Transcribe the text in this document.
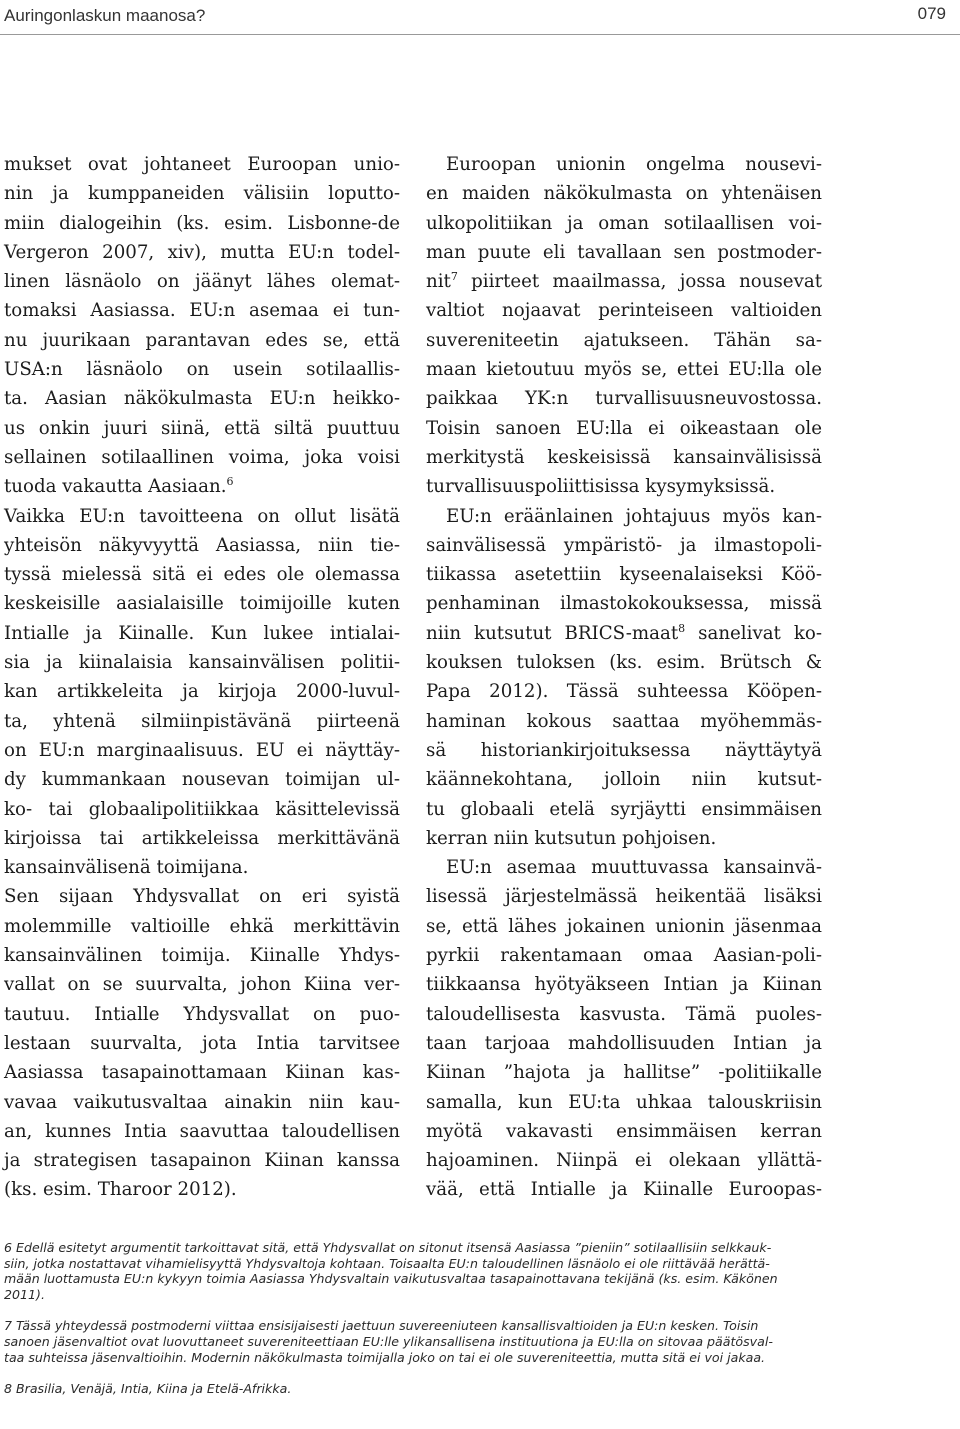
Auringonlaskun maanosa?	079
mukset ovat johtaneet Euroopan unio-
nin ja kumppaneiden välisiin loputto-
miin dialogeihin (ks. esim. Lisbonne-de
Vergeron 2007, xiv), mutta EU:n todel-
linen läsnäolo on jäänyt lähes olemat-
tomaksi Aasiassa. EU:n asemaa ei tun-
nu juurikaan parantavan edes se, että
USA:n läsnäolo on usein sotilaallis-
ta. Aasian näkökulmasta EU:n heikko-
us onkin juuri siinä, että siltä puuttuu
sellainen sotilaallinen voima, joka voisi
tuoda vakautta Aasiaan.$^6$
Vaikka EU:n tavoitteena on ollut lisätä
yhteisön näkyvyyttä Aasiassa, niin tie-
tyssä mielessä sitä ei edes ole olemassa
keskeisille aasialaisille toimijoille kuten
Intialle ja Kiinalle. Kun lukee intialai-
sia ja kiinalaisia kansainvälisen politii-
kan artikkeleita ja kirjoja 2000-luvul-
ta, yhtenä silmiinpistävänä piirteenä
on EU:n marginaalisuus. EU ei näyttäy-
dy kummankaan nousevan toimijan ul-
ko- tai globaalipolitiikkaa käsittelevissä
kirjoissa tai artikkeleissa merkittävänä
kansainvälisenä toimijana.
Sen sijaan Yhdysvallat on eri syistä
molemmille valtioille ehkä merkittävin
kansainvälinen toimija. Kiinalle Yhdys-
vallat on se suurvalta, johon Kiina ver-
tautuu. Intialle Yhdysvallat on puo-
lestaan suurvalta, jota Intia tarvitsee
Aasiassa tasapainottamaan Kiinan kas-
vavaa vaikutusvaltaa ainakin niin kau-
an, kunnes Intia saavuttaa taloudellisen
ja strategisen tasapainon Kiinan kanssa
(ks. esim. Tharoor 2012).
Euroopan unionin ongelma nousevi-
en maiden näkökulmasta on yhtenäisen
ulkopolitiikan ja oman sotilaallisen voi-
man puute eli tavallaan sen postmoder-
nit$^7$ piirteet maailmassa, jossa nousevat
valtiot nojaavat perinteiseen valtioiden
suvereniteetin ajatukseen. Tähän sa-
maan kietoutuu myös se, ettei EU:lla ole
paikkaa YK:n turvallisuusneuvostossa.
Toisin sanoen EU:lla ei oikeastaan ole
merkitystä keskeisissä kansainvälisissä
turvallisuuspoliittisissa kysymyksissä.
EU:n eräänlainen johtajuus myös kan-
sainvälisessä ympäristö- ja ilmastopoli-
tiikassa asetettiin kyseenalaiseksi Köö-
penhaminan ilmastokokouksessa, missä
niin kutsutut BRICS-maat$^8$ sanelivat ko-
kouksen tuloksen (ks. esim. Brütsch &
Papa 2012). Tässä suhteessa Kööpen-
haminan kokous saattaa myöhemmäs-
sä historiankirjoituksessa näyttäytyä
käännekohtana, jolloin niin kutsut-
tu globaali etelä syrjäytti ensimmäisen
kerran niin kutsutun pohjoisen.
EU:n asemaa muuttuvassa kansainvä-
lisessä järjestelmässä heikentää lisäksi
se, että lähes jokainen unionin jäsenmaa
pyrkii rakentamaan omaa Aasian-poli-
tiikkaansa hyötyäkseen Intian ja Kiinan
taloudellisesta kasvusta. Tämä puoles-
taan tarjoaa mahdollisuuden Intian ja
Kiinan ”hajota ja hallitse” -politiikalle
samalla, kun EU:ta uhkaa talouskriisin
myötä vakavasti ensimmäisen kerran
hajoaminen. Niinpä ei olekaan yllättä-
vää, että Intialle ja Kiinalle Euroopas-
6 Edellä esitetyt argumentit tarkoittavat sitä, että Yhdysvallat on sitonut itsensä Aasiassa ”pieniin” sotilaallisiin selkkauk-
siin, jotka nostattavat vihamielisyyttä Yhdysvaltoja kohtaan. Toisaalta EU:n taloudellinen läsnäolo ei ole riittävää herättä-
mään luottamusta EU:n kykyyn toimia Aasiassa Yhdysvaltain vaikutusvaltaa tasapainottavana tekijänä (ks. esim. Käkönen
2011).
7 Tässä yhteydessä postmoderni viittaa ensisijaisesti jaettuun suvereeniuteen kansallisvaltioiden ja EU:n kesken. Toisin
sanoen jäsenvaltiot ovat luovuttaneet suvereniteettiaan EU:lle ylikansallisena instituutiona ja EU:lla on sitovaa päätösval-
taa suhteissa jäsenvaltioihin. Modernin näkökulmasta toimijalla joko on tai ei ole suvereniteettia, mutta sitä ei voi jakaa.
8 Brasilia, Venäjä, Intia, Kiina ja Etelä-Afrikka.
